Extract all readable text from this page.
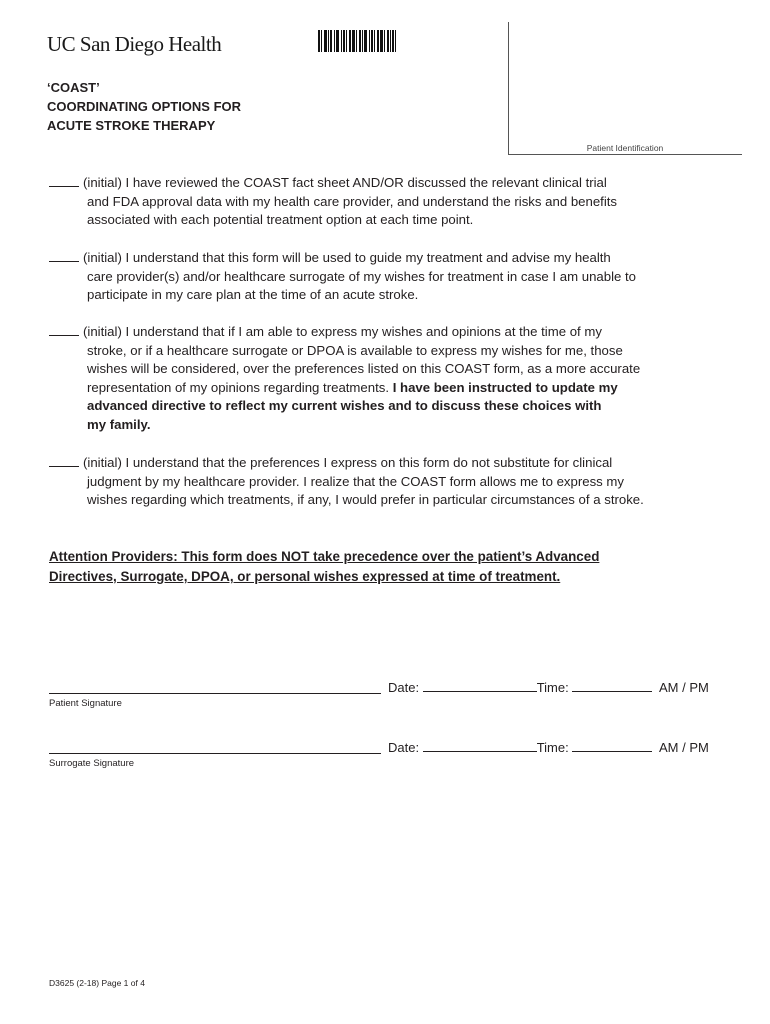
UC San Diego Health
Patient Identification
‘COAST’
COORDINATING OPTIONS FOR
ACUTE STROKE THERAPY
(initial) I have reviewed the COAST fact sheet AND/OR discussed the relevant clinical trial
and FDA approval data with my health care provider, and understand the risks and benefits
associated with each potential treatment option at each time point.
(initial) I understand that this form will be used to guide my treatment and advise my health
care provider(s) and/or healthcare surrogate of my wishes for treatment in case I am unable to
participate in my care plan at the time of an acute stroke.
(initial) I understand that if I am able to express my wishes and opinions at the time of my
stroke, or if a healthcare surrogate or DPOA is available to express my wishes for me, those
wishes will be considered, over the preferences listed on this COAST form, as a more accurate
representation of my opinions regarding treatments. I have been instructed to update my
advanced directive to reflect my current wishes and to discuss these choices with
my family.
(initial) I understand that the preferences I express on this form do not substitute for clinical
judgment by my healthcare provider. I realize that the COAST form allows me to express my
wishes regarding which treatments, if any, I would prefer in particular circumstances of a stroke.
Attention Providers: This form does NOT take precedence over the patient’s Advanced
Directives, Surrogate, DPOA, or personal wishes expressed at time of treatment.
Date:	Time:	AM / PM
Patient Signature
Date:	Time:	AM / PM
Surrogate Signature
D3625 (2-18) Page 1 of 4
